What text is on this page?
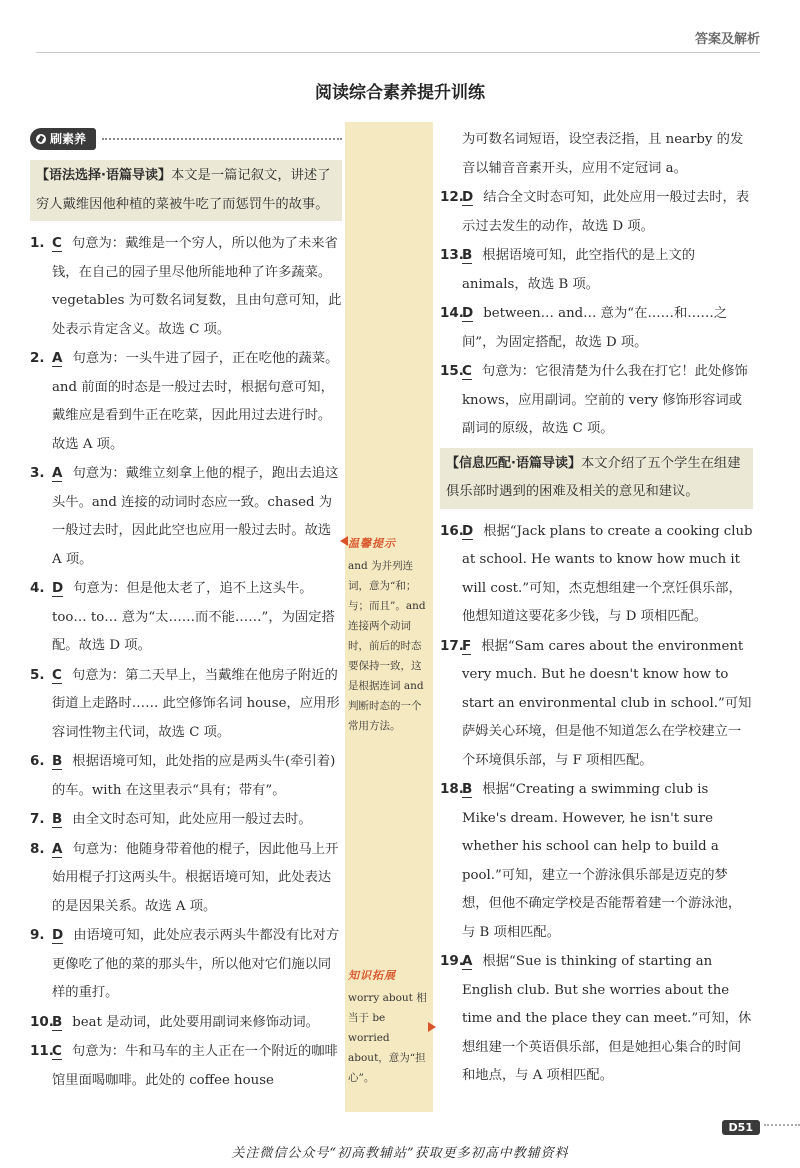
答案及解析
阅读综合素养提升训练
刷素养
【语法选择·语篇导读】本文是一篇记叙文，讲述了穷人戴维因他种植的菜被牛吃了而惩罚牛的故事。
1. C 句意为：戴维是一个穷人，所以他为了未来省钱，在自己的园子里尽他所能地种了许多蔬菜。vegetables 为可数名词复数，且由句意可知，此处表示肯定含义。故选 C 项。
2. A 句意为：一头牛进了园子，正在吃他的蔬菜。and 前面的时态是一般过去时，根据句意可知，戴维应是看到牛正在吃菜，因此用过去进行时。故选 A 项。
3. A 句意为：戴维立刻拿上他的棍子，跑出去追这头牛。and 连接的动词时态应一致。chased 为一般过去时，因此此空也应用一般过去时。故选 A 项。
4. D 句意为：但是他太老了，追不上这头牛。too… to… 意为“太……而不能……”，为固定搭配。故选 D 项。
5. C 句意为：第二天早上，当戴维在他房子附近的街道上走路时…… 此空修饰名词 house，应用形容词性物主代词，故选 C 项。
6. B 根据语境可知，此处指的应是两头牛(牵引着)的车。with 在这里表示“具有；带有”。
7. B 由全文时态可知，此处应用一般过去时。
8. A 句意为：他随身带着他的棍子，因此他马上开始用棍子打这两头牛。根据语境可知，此处表达的是因果关系。故选 A 项。
9. D 由语境可知，此处应表示两头牛都没有比对方更像吃了他的菜的那头牛，所以他对它们施以同样的重打。
10.
B beat 是动词，此处要用副词来修饰动词。
11.
C 句意为：牛和马车的主人正在一个附近的咖啡馆里面喝咖啡。此处的 coffee house
为可数名词短语，设空表泛指，且 nearby 的发音以辅音音素开头，应用不定冠词 a。
12.
D 结合全文时态可知，此处应用一般过去时，表示过去发生的动作，故选 D 项。
13.
B 根据语境可知，此空指代的是上文的 animals，故选 B 项。
14.
D between… and… 意为“在……和……之间”，为固定搭配，故选 D 项。
15.
C 句意为：它很清楚为什么我在打它！此处修饰 knows，应用副词。空前的 very 修饰形容词或副词的原级，故选 C 项。
【信息匹配·语篇导读】本文介绍了五个学生在组建俱乐部时遇到的困难及相关的意见和建议。
16.
D 根据“Jack plans to create a cooking club at school. He wants to know how much it will cost.”可知，杰克想组建一个烹饪俱乐部，他想知道这要花多少钱，与 D 项相匹配。
17.
F 根据“Sam cares about the environment very much. But he doesn't know how to start an environmental club in school.”可知萨姆关心环境，但是他不知道怎么在学校建立一个环境俱乐部，与 F 项相匹配。
18.
B 根据“Creating a swimming club is Mike's dream. However, he isn't sure whether his school can help to build a pool.”可知，建立一个游泳俱乐部是迈克的梦想，但他不确定学校是否能帮着建一个游泳池，与 B 项相匹配。
19.
A 根据“Sue is thinking of starting an English club. But she worries about the time and the place they can meet.”可知，休想组建一个英语俱乐部，但是她担心集合的时间和地点，与 A 项相匹配。
温馨提示
and 为并列连词，意为“和；与；而且”。and 连接两个动词时，前后的时态要保持一致，这是根据连词 and 判断时态的一个常用方法。
知识拓展
worry about 相当于 be worried about，意为“担心”。
D51
关注微信公众号“初高教辅站”获取更多初高中教辅资料
